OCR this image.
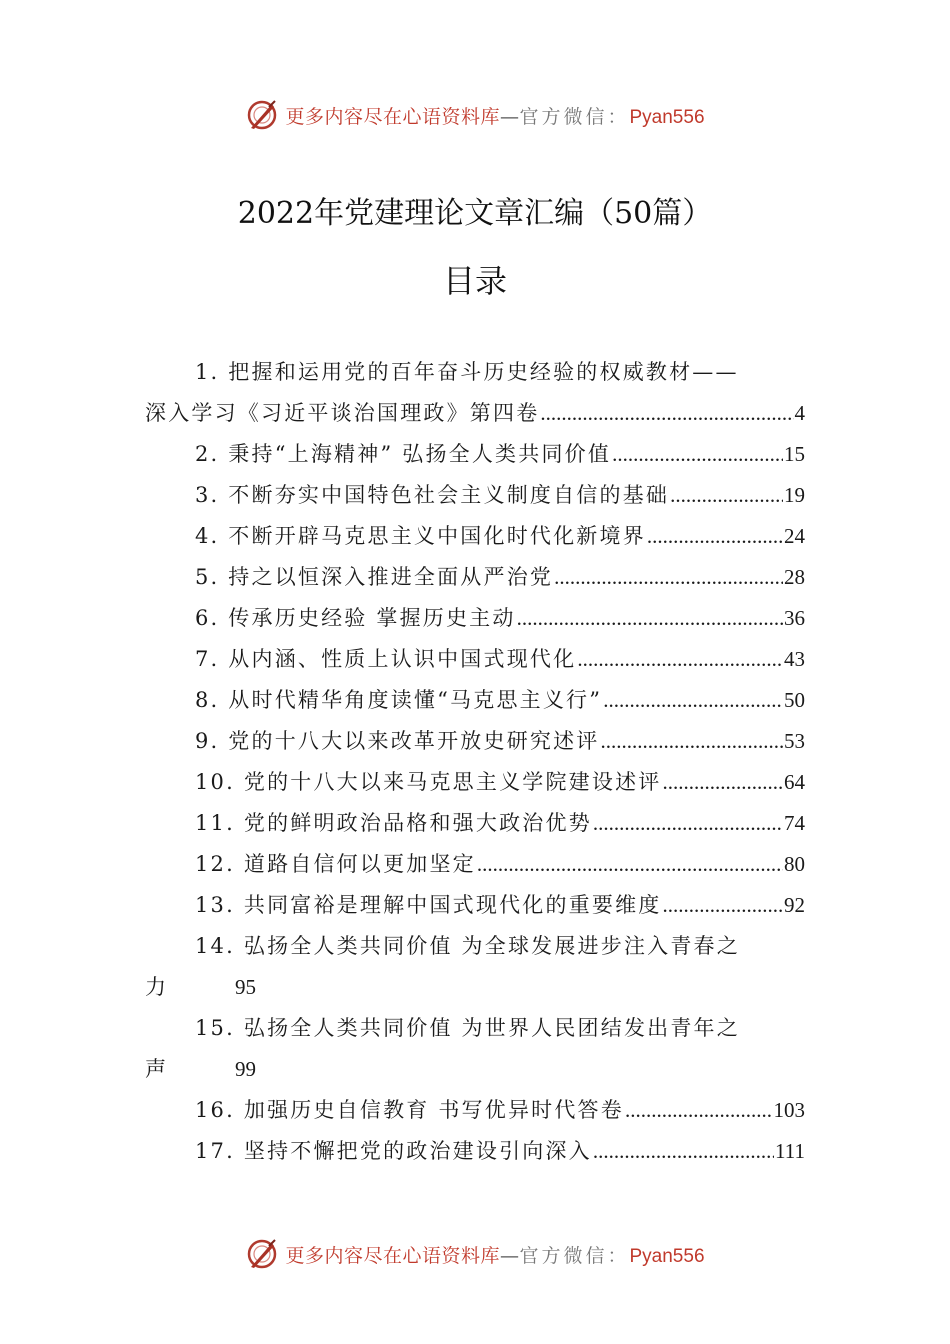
更多内容尽在心语资料库—官方微信：Pyan556
2022年党建理论文章汇编（50篇）
目录
1. 把握和运用党的百年奋斗历史经验的权威教材——
深入学习《习近平谈治国理政》第四卷 .....	4
2. 秉持“上海精神” 弘扬全人类共同价值 .....	15
3. 不断夯实中国特色社会主义制度自信的基础 .....	19
4. 不断开辟马克思主义中国化时代化新境界 .....	24
5. 持之以恒深入推进全面从严治党 .....	28
6. 传承历史经验 掌握历史主动 .....	36
7. 从内涵、性质上认识中国式现代化 .....	43
8. 从时代精华角度读懂“马克思主义行” .....	50
9. 党的十八大以来改革开放史研究述评 .....	53
10. 党的十八大以来马克思主义学院建设述评 .....	64
11. 党的鲜明政治品格和强大政治优势 .....	74
12. 道路自信何以更加坚定 .....	80
13. 共同富裕是理解中国式现代化的重要维度 .....	92
14. 弘扬全人类共同价值 为全球发展进步注入青春之
力	95
15. 弘扬全人类共同价值 为世界人民团结发出青年之
声	99
16. 加强历史自信教育 书写优异时代答卷 .....	103
17. 坚持不懈把党的政治建设引向深入 .....	111
更多内容尽在心语资料库—官方微信：Pyan556
